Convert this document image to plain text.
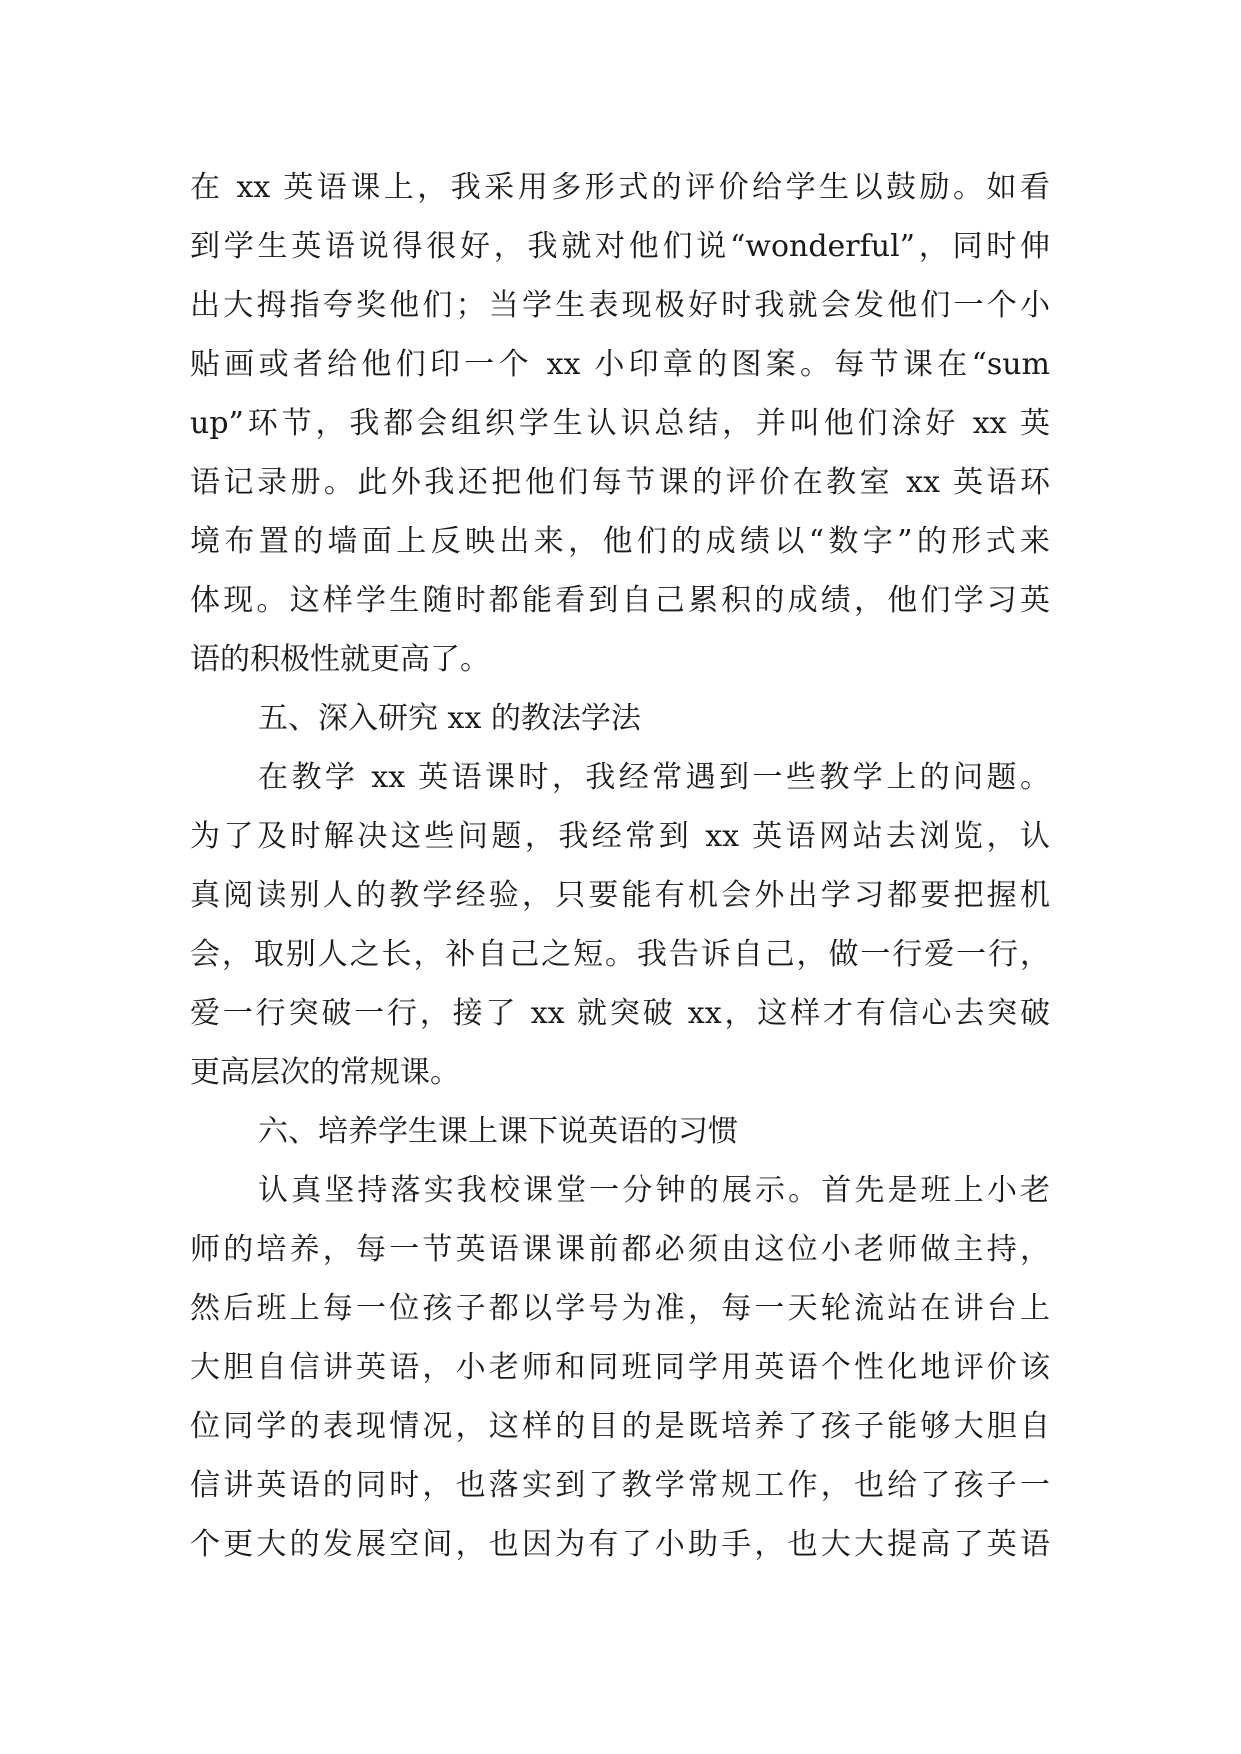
在 xx 英语课上，我采用多形式的评价给学生以鼓励。如看
到学生英语说得很好，我就对他们说“wonderful”，同时伸
出大拇指夸奖他们；当学生表现极好时我就会发他们一个小
贴画或者给他们印一个 xx 小印章的图案。每节课在“sum
up”环节，我都会组织学生认识总结，并叫他们涂好 xx 英
语记录册。此外我还把他们每节课的评价在教室 xx 英语环
境布置的墙面上反映出来，他们的成绩以“数字”的形式来
体现。这样学生随时都能看到自己累积的成绩，他们学习英
语的积极性就更高了。
五、深入研究 xx 的教法学法
在教学 xx 英语课时，我经常遇到一些教学上的问题。
为了及时解决这些问题，我经常到 xx 英语网站去浏览，认
真阅读别人的教学经验，只要能有机会外出学习都要把握机
会，取别人之长，补自己之短。我告诉自己，做一行爱一行，
爱一行突破一行，接了 xx 就突破 xx，这样才有信心去突破
更高层次的常规课。
六、培养学生课上课下说英语的习惯
认真坚持落实我校课堂一分钟的展示。首先是班上小老
师的培养，每一节英语课课前都必须由这位小老师做主持，
然后班上每一位孩子都以学号为准，每一天轮流站在讲台上
大胆自信讲英语，小老师和同班同学用英语个性化地评价该
位同学的表现情况，这样的目的是既培养了孩子能够大胆自
信讲英语的同时，也落实到了教学常规工作，也给了孩子一
个更大的发展空间，也因为有了小助手，也大大提高了英语
